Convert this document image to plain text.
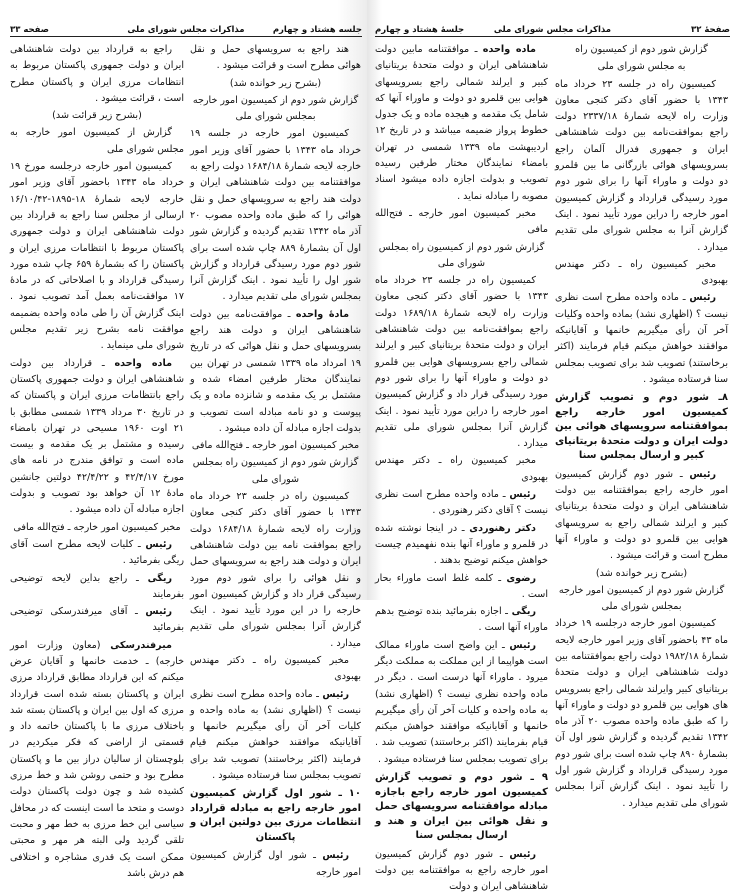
جلسه هشتاد و چهارم
مذاکرات مجلس شورای ملی
صفحه ۳۳
هند راجع به سرویسهای حمل و نقل هوائی مطرح است و قرائت میشود .
(بشرح زیر خوانده شد)
گزارش شور دوم از کمیسیون امور خارجه بمجلس شورای ملی
کمیسیون امور خارجه در جلسه ۱۹ خرداد ماه ۱۳۴۳ با حضور آقای وزیر امور خارجه لایحه شمارهٔ ۱۶۸۴/۱۸ دولت راجع به موافقتنامه بین دولت شاهنشاهی ایران و دولت هند راجع به سرویسهای حمل و نقل هوائی را که طبق ماده واحده مصوب ۲۰ آذر ماه ۱۳۴۲ تقدیم گردیده و گزارش شور اول آن بشمارهٔ ۸۸۹ چاپ شده است برای شور دوم مورد رسیدگی قرارداد و گزارش شور اول را تأیید نمود . اینک گزارش آنرا بمجلس شورای ملی تقدیم میدارد .
مادهٔ واحده ـ موافقت‌نامه بین دولت شاهنشاهی ایران و دولت هند راجع بسرویسهای حمل و نقل هوائی که در تاریخ ۱۹ امرداد ماه ۱۳۳۹ شمسی در تهران بین نمایندگان مختار طرفین امضاء شده و مشتمل بر یک مقدمه و شانزده ماده و یک پیوست و دو نامه مبادله است تصویب و بدولت اجازه مبادله آن داده میشود .
مخبر کمیسیون امور خارجه ـ فتح‌الله مافی
گزارش شور دوم از کمیسیون راه بمجلس شورای ملی
کمیسیون راه در جلسه ۲۳ خرداد ماه ۱۳۴۳ با حضور آقای دکتر کنجی معاون وزارت راه لایحه شمارهٔ ۱۶۸۴/۱۸ دولت راجع بموافقت نامه بین دولت شاهنشاهی ایران و دولت هند راجع به سرویسهای حمل و نقل هوائی را برای شور دوم مورد رسیدگی قرار داد و گزارش کمیسیون امور خارجه را در این مورد تأیید نمود . اینک گزارش آنرا بمجلس شورای ملی تقدیم میدارد .
مخبر کمیسیون راه ـ دکتر مهندس بهبودی
رئیس ـ ماده واحده مطرح است نظری نیست ؟ (اظهاری نشد) به ماده واحده و کلیات آخر آن رأی میگیریم خانمها و آقایانیکه موافقند خواهش میکنم قیام فرمایند (اکثر برخاستند) تصویب شد برای تصویب بمجلس سنا فرستاده میشود .
۱۰ ـ شور اول گزارش کمیسیون امور خارجه راجع به مبادله قرارداد انتظامات مرزی بین دولتین ایران و پاکستان
رئیس ـ شور اول گزارش کمیسیون امور خارجه
راجع به قرارداد بین دولت شاهنشاهی ایران و دولت جمهوری پاکستان مربوط به انتظامات مرزی ایران و پاکستان مطرح است ، قرائت میشود .
(بشرح زیر قرائت شد)
گزارش از کمیسیون امور خارجه به مجلس شورای ملی
کمیسیون امور خارجه درجلسه مورخ ۱۹ خرداد ماه ۱۳۴۳ باحضور آقای وزیر امور خارجه لایحه شمارهٔ ۱۸-۱۸۹۵-۱۶/۱۰/۴۲ ارسالی از مجلس سنا راجع به قرارداد بین دولت شاهنشاهی ایران و دولت جمهوری پاکستان مربوط با انتظامات مرزی ایران و پاکستان را که بشمارهٔ ۶۵۹ چاپ شده مورد رسیدگی قرارداد و با اصلاحاتی که در مادهٔ ۱۷ موافقت‌نامه بعمل آمد تصویب نمود . اینک گزارش آن را طی ماده واحده بضمیمه موافقت نامه بشرح زیر تقدیم مجلس شورای ملی مینماید .
ماده واحده ـ قرارداد بین دولت شاهنشاهی ایران و دولت جمهوری پاکستان راجع بانتظامات مرزی ایران و پاکستان که در تاریخ ۳۰ مرداد ۱۳۳۹ شمسی مطابق با ۲۱ اوت ۱۹۶۰ مسیحی در تهران بامضاء رسیده و مشتمل بر یک مقدمه و بیست ماده است و توافق مندرج در نامه های مورخ ۴۲/۴/۱۷ و ۴۲/۴/۲۲ دولتین جانشین مادهٔ ۱۲ آن خواهد بود تصویب و بدولت اجازه مبادله آن داده میشود .
مخبر کمیسیون امور خارجه ـ فتح‌الله مافی
رئیس ـ کلیات لایحه مطرح است آقای ریگی بفرمائید .
ریگی ـ راجع بداین لایحه توضیحی بفرمایند
رئیس ـ آقای میرفندرسکی توضیحی بفرمائید
میرفندرسکی (معاون وزارت امور خارجه) ـ خدمت خانمها و آقایان عرض میکنم که این قرارداد مطابق قرارداد مرزی ایران و پاکستان بسته شده است قرارداد مرزی که اول بین ایران و پاکستان بسته شد باختلاف مرزی ما با پاکستان خاتمه داد و قسمتی از اراضی که فکر میکردیم در بلوچستان از سالیان دراز بین ما و پاکستان مطرح بود و حتمی روشن شد و خط مرزی کشیده شد و چون دولت پاکستان دولت دوست و متحد ما است اینست که در محافل سیاسی این خط مرزی به خط مهر و محبت تلقی گردید ولی البته هر مهر و محبتی ممکن است یک قدری مشاجره و اختلافی هم درش باشد
صفحهٔ ۳۲
مذاکرات مجلس شورای ملی
جلسهٔ هشتاد و چهارم
گزارش شور دوم از کمیسیون راه
به مجلس شورای ملی
کمیسیون راه در جلسه ۲۳ خرداد ماه ۱۳۴۳ با حضور آقای دکتر کنجی معاون وزارت راه لایحه شمارهٔ ۲۳۳۷/۱۸ دولت راجع بموافقت‌نامه بین دولت شاهنشاهی ایران و جمهوری فدرال آلمان راجع بسرویسهای هوائی بازرگانی ما بین قلمرو دو دولت و ماوراء آنها را برای شور دوم مورد رسیدگی قرارداد و گزارش کمیسیون امور خارجه را دراین مورد تأیید نمود . اینک گزارش آنرا به مجلس شورای ملی تقدیم میدارد .
مخبر کمیسیون راه ـ دکتر مهندس بهبودی
رئیس ـ ماده واحده مطرح است نظری نیست ؟ (اظهاری نشد) بماده واحده وکلیات آخر آن رأی میگیریم خانمها و آقایانیکه موافقند خواهش میکنم قیام فرمایند (اکثر برخاستند) تصویب شد برای تصویب بمجلس سنا فرستاده میشود .
۸ـ شور دوم و تصویب گزارش کمیسیون امور خارجه راجع بموافقتنامه سرویسهای هوائی بین دولت ایران و دولت متحدهٔ بریتانیای کبیر و ارسال بمجلس سنا
رئیس ـ شور دوم گزارش کمیسیون امور خارجه راجع بموافقتنامه بین دولت شاهنشاهی ایران و دولت متحدهٔ بریتانیای کبیر و ایرلند شمالی راجع به سرویسهای هوایی بین قلمرو دو دولت و ماوراء آنها مطرح است و قرائت میشود .
(بشرح زیر خوانده شد)
گزارش شور دوم از کمیسیون امور خارجه بمجلس شورای ملی
کمیسیون امور خارجه درجلسه ۱۹ خرداد ماه ۴۳ باحضور آقای وزیر امور خارجه لایحه شمارهٔ ۱۹۸۲/۱۸ دولت راجع بموافقتنامه بین دولت شاهنشاهی ایران و دولت متحدهٔ بریتانیای کبیر وایرلند شمالی راجع بسرویس های هوایی بین قلمرو دو دولت و ماوراء آنها را که طبق ماده واحده مصوب ۲۰ آذر ماه ۱۳۴۲ تقدیم گردیده و گزارش شور اول آن بشمارهٔ ۸۹۰ چاپ شده است برای شور دوم مورد رسیدگی قرارداد و گزارش شور اول را تأیید نمود . اینک گزارش آنرا بمجلس شورای ملی تقدیم میدارد .
ماده واحده ـ موافقتنامه مابین دولت شاهنشاهی ایران و دولت متحدهٔ بریتانیای کبیر و ایرلند شمالی راجع بسرویسهای هوایی بین قلمرو دو دولت و ماوراء آنها که شامل یک مقدمه و هیجده ماده و یک جدول خطوط پرواز ضمیمه میباشد و در تاریخ ۱۲ اردیبهشت ماه ۱۳۳۹ شمسی در تهران بامضاء نمایندگان مختار طرفین رسیده تصویب و بدولت اجازه داده میشود اسناد مصوبه را مبادله نماید .
مخبر کمیسیون امور خارجه ـ فتح‌الله مافی
گزارش شور دوم از کمیسیون راه بمجلس شورای ملی
کمیسیون راه در جلسه ۲۳ خرداد ماه ۱۳۴۳ با حضور آقای دکتر کنجی معاون وزارت راه لایحه شمارهٔ ۱۶۸۹/۱۸ دولت راجع بموافقت‌نامه بین دولت شاهنشاهی ایران و دولت متحدهٔ بریتانیای کبیر و ایرلند شمالی راجع بسرویسهای هوایی بین قلمرو دو دولت و ماوراء آنها را برای شور دوم مورد رسیدگی قرار داد و گزارش کمیسیون امور خارجه را دراین مورد تأیید نمود . اینک گزارش آنرا بمجلس شورای ملی تقدیم میدارد .
مخبر کمیسیون راه ـ دکتر مهندس بهبودی
رئیس ـ ماده واحده مطرح است نظری نیست ؟ آقای دکتر رهنوردی .
دکتر رهنوردی ـ در اینجا نوشته شده در قلمرو و ماوراء آنها بنده نفهمیدم چیست خواهش میکنم توضیح بدهند .
رضوی ـ کلمه غلط است ماوراء بحار است .
ریگی ـ اجازه بفرمائید بنده توضیح بدهم ماوراء آنها است .
رئیس ـ این واضح است ماوراء ممالک است هواپیما از این مملکت به مملکت دیگر میرود . ماوراء آنها درست است . دیگر در ماده واحده نظری نیست ؟ (اظهاری نشد) به ماده واحده و کلیات آخر آن رأی میگیریم خانمها و آقایانیکه موافقند خواهش میکنم قیام بفرمایند (اکثر برخاستند) تصویب شد . برای تصویب بمجلس سنا فرستاده میشود .
۹ ـ شور دوم و تصویب گزارش کمیسیون امور خارجه راجع باجازه مبادله موافقتنامه سرویسهای حمل و نقل هوائی بین ایران و هند و ارسال بمجلس سنا
رئیس ـ شور دوم گزارش کمیسیون امور خارجه راجع به موافقتنامه بین دولت شاهنشاهی ایران و دولت
